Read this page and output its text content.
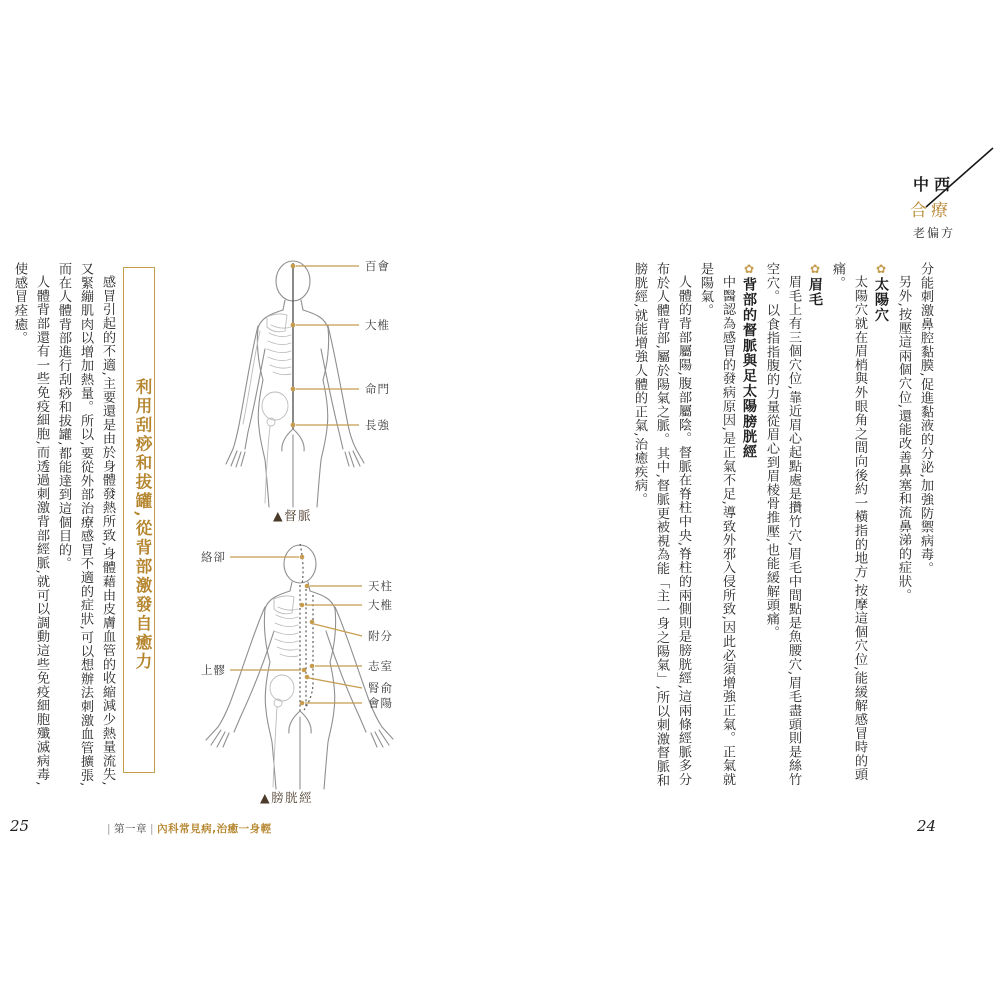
中西
合療
老偏方

分能刺激鼻腔黏膜,促進黏液的分泌,加強防禦病毒。

另外,按壓這兩個穴位,還能改善鼻塞和流鼻涕的症狀。

✿太陽穴

太陽穴就在眉梢與外眼角之間向後約一橫指的地方,按摩這個穴位,能緩解感冒時的頭痛。

✿眉毛

眉毛上有三個穴位,靠近眉心起點處是攢竹穴,眉毛中間點是魚腰穴,眉毛盡頭則是絲竹空穴。以食指指腹的力量從眉心到眉棱骨推壓,也能緩解頭痛。

✿背部的督脈與足太陽膀胱經

中醫認為感冒的發病原因,是正氣不足,導致外邪入侵所致,因此必須增強正氣。正氣就是陽氣。

人體的背部屬陽,腹部屬陰。督脈在脊柱中央,脊柱的兩側則是膀胱經,這兩條經脈多分布於人體背部,屬於陽氣之脈。其中,督脈更被視為能「主一身之陽氣」,所以刺激督脈和膀胱經,就能增強人體的正氣,治癒疾病。

24
百會
大椎
命門
長強
▲督脈
絡卻
天柱
大椎
附分
志室
腎俞
會陽
上髎
▲膀胱經
利用刮痧和拔罐,從背部激發自癒力

感冒引起的不適,主要還是由於身體發熱所致,身體藉由皮膚血管的收縮減少熱量流失,又緊繃肌肉以增加熱量。所以,要從外部治療感冒不適的症狀,可以想辦法刺激血管擴張,而在人體背部進行刮痧和拔罐,都能達到這個目的。

人體背部還有一些免疫細胞,而透過刺激背部經脈,就可以調動這些免疫細胞殲滅病毒,使感冒痊癒。

25	| 第一章 | 內科常見病,治癒一身輕
